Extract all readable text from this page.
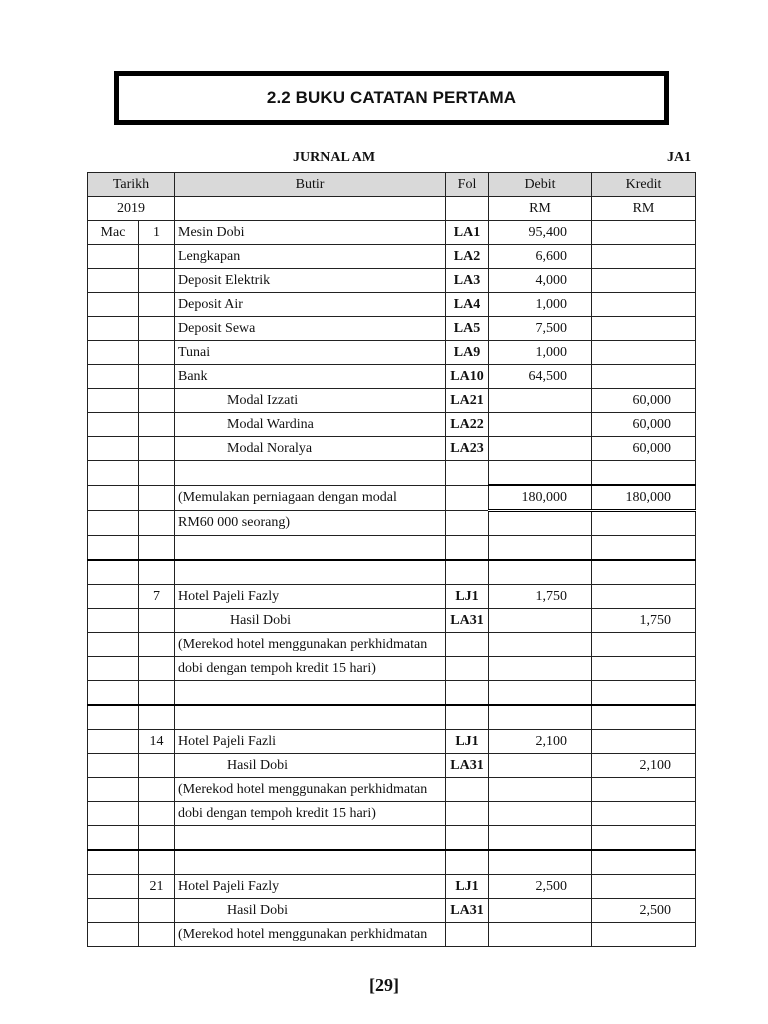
2.2 BUKU CATATAN PERTAMA
JURNAL AM	JA1
Tarikh		Butir	Fol	Debit	Kredit
2019				RM	RM
Mac	1	Mesin Dobi	LA1	95,400	
		Lengkapan	LA2	6,600	
		Deposit Elektrik	LA3	4,000	
		Deposit Air	LA4	1,000	
		Deposit Sewa	LA5	7,500	
		Tunai	LA9	1,000	
		Bank	LA10	64,500	
		Modal Izzati	LA21		60,000
		Modal Wardina	LA22		60,000
		Modal Noralya	LA23		60,000

		(Memulakan perniagaan dengan modal		180,000	180,000
		RM60 000 seorang)			

	7	Hotel Pajeli Fazly	LJ1	1,750	
		Hasil Dobi	LA31		1,750
		(Merekod hotel menggunakan perkhidmatan			
		dobi dengan tempoh kredit 15 hari)			

	14	Hotel Pajeli Fazli	LJ1	2,100	
		Hasil Dobi	LA31		2,100
		(Merekod hotel menggunakan perkhidmatan			
		dobi dengan tempoh kredit 15 hari)			

	21	Hotel Pajeli Fazly	LJ1	2,500	
		Hasil Dobi	LA31		2,500
		(Merekod hotel menggunakan perkhidmatan			
[29]
